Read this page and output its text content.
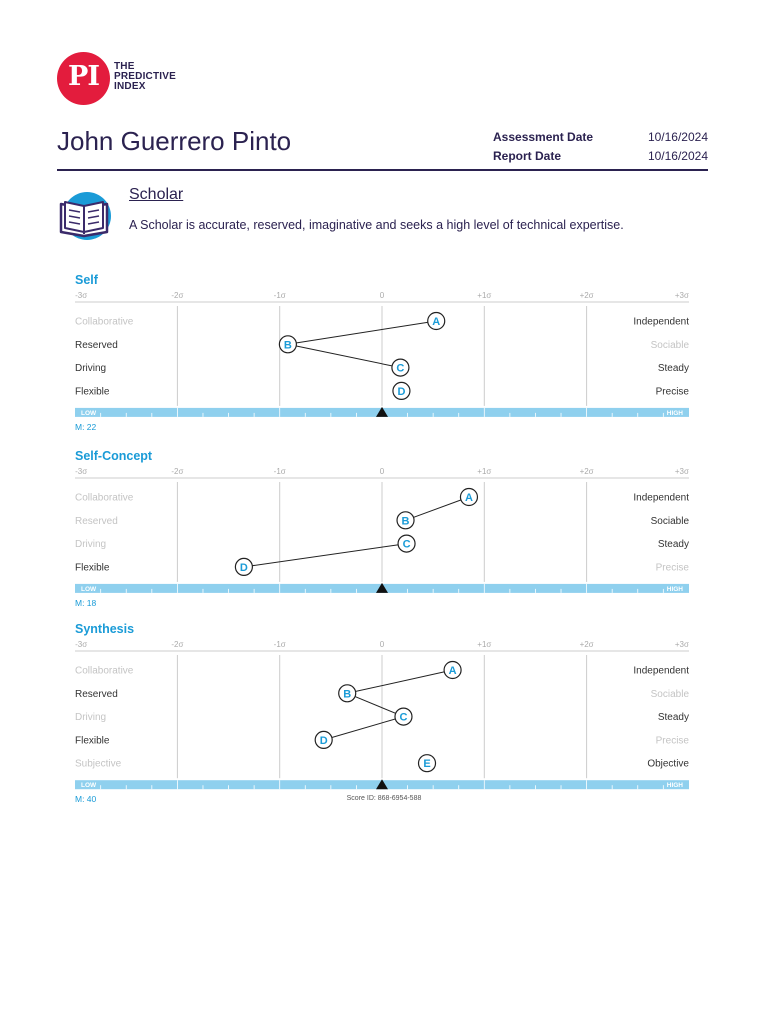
PI	THE
PREDICTIVE
INDEX
John Guerrero Pinto	Assessment Date	10/16/2024
Report Date	10/16/2024
Scholar
A Scholar is accurate, reserved, imaginative and seeks a high level of technical expertise.
Self
-3σ	-2σ	-1σ	0	+1σ	+2σ	+3σ
Collaborative	Independent
Reserved	Sociable
Driving	Steady
Flexible	Precise
A
B
C
D
LOW	HIGH
M: 22
Self-Concept
-3σ	-2σ	-1σ	0	+1σ	+2σ	+3σ
Collaborative	Independent
Reserved	Sociable
Driving	Steady
Flexible	Precise
A
B
C
D
LOW	HIGH
M: 18
Synthesis
-3σ	-2σ	-1σ	0	+1σ	+2σ	+3σ
Collaborative	Independent
Reserved	Sociable
Driving	Steady
Flexible	Precise
Subjective	Objective
A
B
C
D
E
LOW	HIGH
M: 40	Score ID: 868-6954-588
